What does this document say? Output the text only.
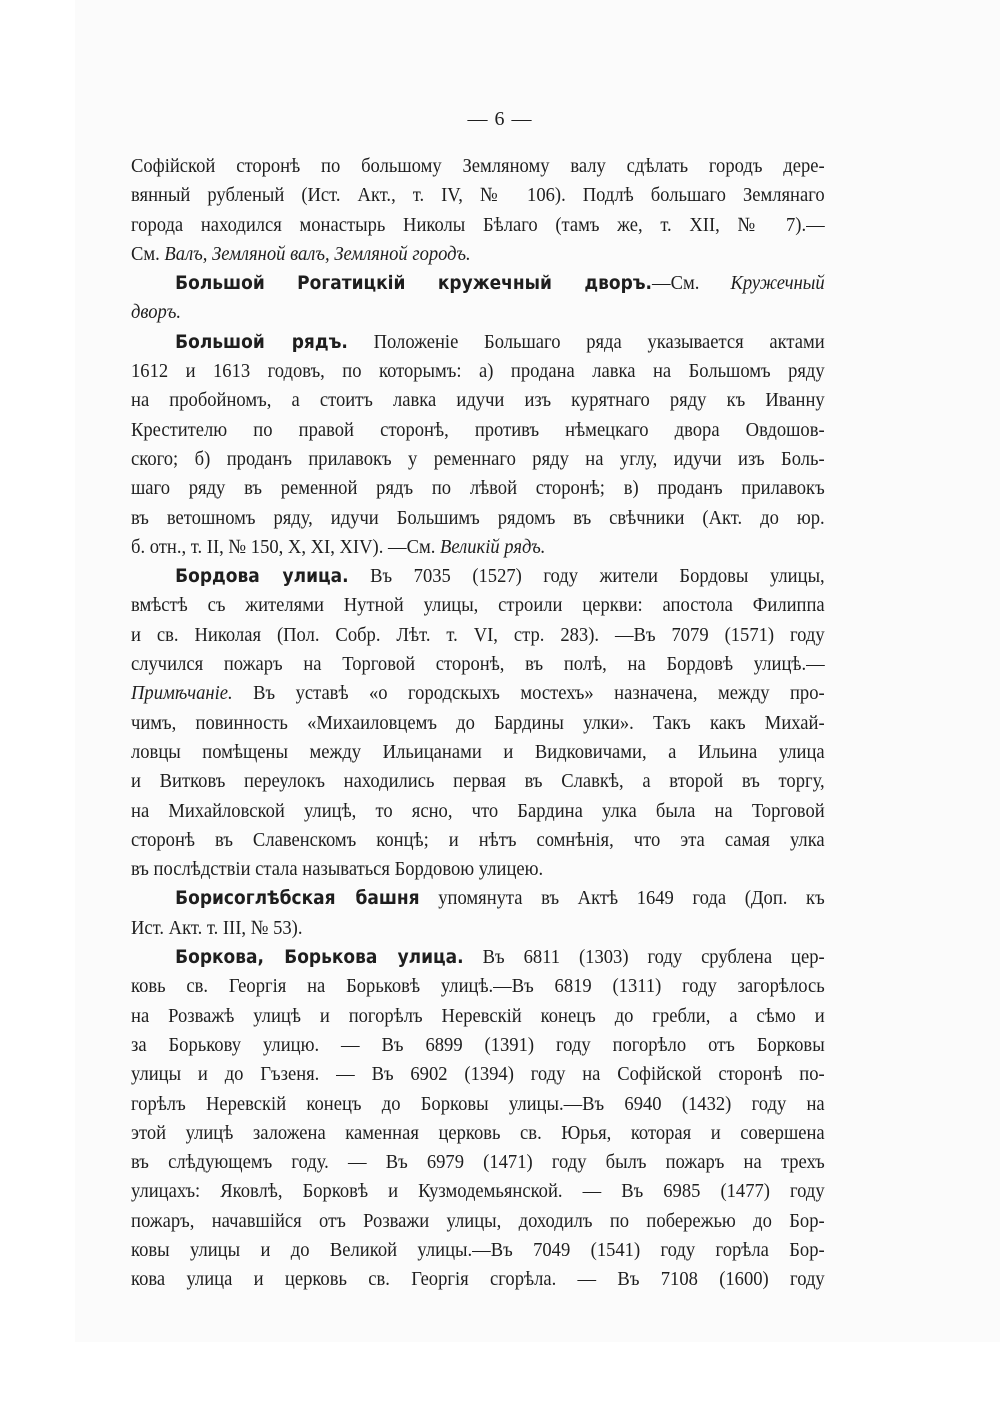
— 6 —
Софійской сторонѣ по большому Земляному валу сдѣлать городъ дере-
вянный рубленый (Ист. Акт., т. IV, № 106). Подлѣ большаго Землянаго
города находился монастырь Николы Бѣлаго (тамъ же, т. XII, № 7).—
См. Валъ, Земляной валъ, Земляной городъ.
Большой Рогатицкій кружечный дворъ.—См. Кружечный
дворъ.
Большой рядъ. Положеніе Большаго ряда указывается актами
1612 и 1613 годовъ, по которымъ: а) продана лавка на Большомъ ряду
на пробойномъ, а стоитъ лавка идучи изъ курятнаго ряду къ Иванну
Крестителю по правой сторонѣ, противъ нѣмецкаго двора Овдошов-
ского; б) проданъ прилавокъ у ременнаго ряду на углу, идучи изъ Боль-
шаго ряду въ ременной рядъ по лѣвой сторонѣ; в) проданъ прилавокъ
въ ветошномъ ряду, идучи Большимъ рядомъ въ свѣчники (Акт. до юр.
б. отн., т. II, № 150, X, XI, XIV). —См. Великій рядъ.
Бордова улица. Въ 7035 (1527) году жители Бордовы улицы,
вмѣстѣ съ жителями Нутной улицы, строили церкви: апостола Филиппа
и св. Николая (Пол. Собр. Лѣт. т. VI, стр. 283). —Въ 7079 (1571) году
случился пожаръ на Торговой сторонѣ, въ полѣ, на Бордовѣ улицѣ.—
Примѣчаніе. Въ уставѣ «о городскыхъ мостехъ» назначена, между про-
чимъ, повинность «Михаиловцемъ до Бардины улки». Такъ какъ Михай-
ловцы помѣщены между Ильицанами и Видковичами, а Ильина улица
и Витковъ переулокъ находились первая въ Славкѣ, а второй въ торгу,
на Михайловской улицѣ, то ясно, что Бардина улка была на Торговой
сторонѣ въ Славенскомъ концѣ; и нѣтъ сомнѣнія, что эта самая улка
въ послѣдствіи стала называться Бордовою улицею.
Борисоглѣбская башня упомянута въ Актѣ 1649 года (Доп. къ
Ист. Акт. т. III, № 53).
Боркова, Борькова улица. Въ 6811 (1303) году срублена цер-
ковь св. Георгія на Борьковѣ улицѣ.—Въ 6819 (1311) году загорѣлось
на Розважѣ улицѣ и погорѣлъ Неревскій конецъ до гребли, а сѣмо и
за Борькову улицю. — Въ 6899 (1391) году погорѣло отъ Борковы
улицы и до Гъзеня. — Въ 6902 (1394) году на Софійской сторонѣ по-
горѣлъ Неревскій конецъ до Борковы улицы.—Въ 6940 (1432) году на
этой улицѣ заложена каменная церковь св. Юрья, которая и совершена
въ слѣдующемъ году. — Въ 6979 (1471) году былъ пожаръ на трехъ
улицахъ: Яковлѣ, Борковѣ и Кузмодемьянской. — Въ 6985 (1477) году
пожаръ, начавшійся отъ Розважи улицы, доходилъ по побережью до Бор-
ковы улицы и до Великой улицы.—Въ 7049 (1541) году горѣла Бор-
кова улица и церковь св. Георгія сгорѣла. — Въ 7108 (1600) году
